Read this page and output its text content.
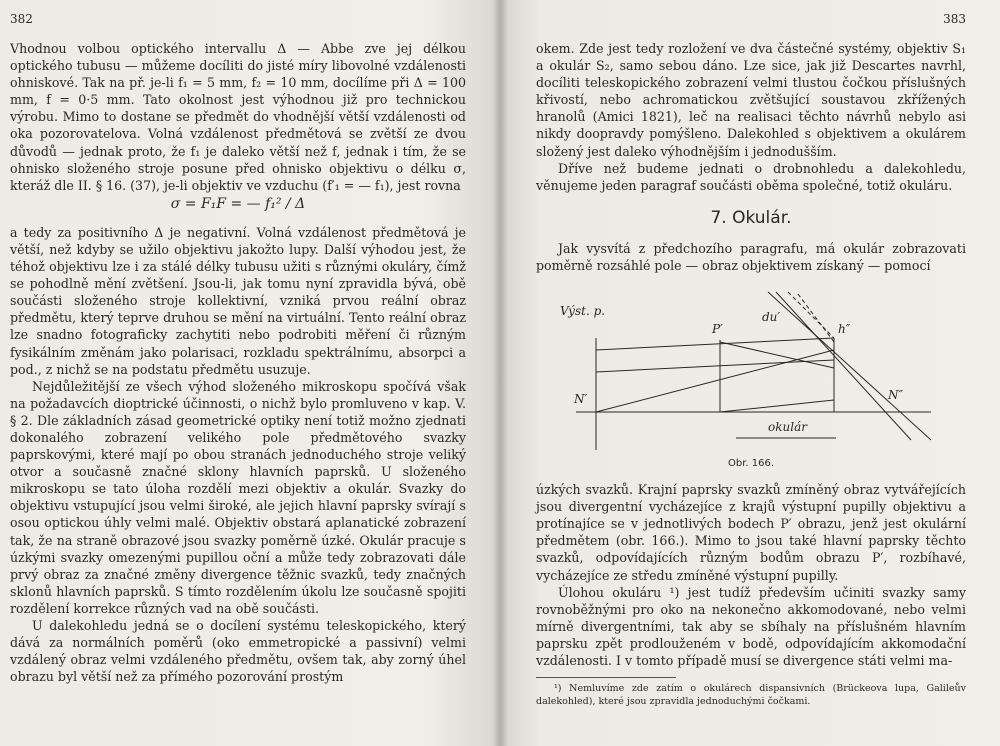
382

Vhodnou volbou optického intervallu Δ — Abbe zve jej délkou optického tubusu — můžeme docíliti do jisté míry libovolné vzdálenosti ohniskové. Tak na př. je-li f₁ = 5 mm, f₂ = 10 mm, docílíme při Δ = 100 mm, f = 0·5 mm. Tato okolnost jest výhodnou již pro technickou výrobu. Mimo to dostane se předmět do vhodnější větší vzdálenosti od oka pozorovatelova. Volná vzdálenost předmětová se zvětší ze dvou důvodů — jednak proto, že f₁ je daleko větší než f, jednak i tím, že se ohnisko složeného stroje posune před ohnisko objektivu o délku σ, kteráž dle II. § 16. (37), je-li objektiv ve vzduchu (f′₁ = — f₁), jest rovna

σ = F₁F = — f₁² / Δ

a tedy za positivního Δ je negativní. Volná vzdálenost předmětová je větší, než kdyby se užilo objektivu jakožto lupy. Další výhodou jest, že téhož objektivu lze i za stálé délky tubusu užiti s různými okuláry, čímž se pohodlně mění zvětšení. Jsou-li, jak tomu nyní zpravidla bývá, obě součásti složeného stroje kollektivní, vzniká prvou reální obraz předmětu, který teprve druhou se mění na virtuální. Tento reální obraz lze snadno fotograficky zachytiti nebo podrobiti měření či různým fysikálním změnám jako polarisaci, rozkladu spektrálnímu, absorpci a pod., z nichž se na podstatu předmětu usuzuje.

Nejdůležitější ze všech výhod složeného mikroskopu spočívá však na požadavcích dioptrické účinnosti, o nichž bylo promluveno v kap. V. § 2. Dle základních zásad geometrické optiky není totiž možno zjednati dokonalého zobrazení velikého pole předmětového svazky paprskovými, které mají po obou stranách jednoduchého stroje veliký otvor a současně značné sklony hlavních paprsků. U složeného mikroskopu se tato úloha rozdělí mezi objektiv a okulár. Svazky do objektivu vstupující jsou velmi široké, ale jejich hlavní paprsky svírají s osou optickou úhly velmi malé. Objektiv obstará aplanatické zobrazení tak, že na straně obrazové jsou svazky poměrně úzké. Okulár pracuje s úzkými svazky omezenými pupillou oční a může tedy zobrazovati dále prvý obraz za značné změny divergence těžnic svazků, tedy značných sklonů hlavních paprsků. S tímto rozdělením úkolu lze současně spojiti rozdělení korrekce různých vad na obě součásti.

U dalekohledu jedná se o docílení systému teleskopického, který dává za normálních poměrů (oko emmetropické a passivní) velmi vzdálený obraz velmi vzdáleného předmětu, ovšem tak, aby zorný úhel obrazu byl větší než za přímého pozorování prostým

383

okem. Zde jest tedy rozložení ve dva částečné systémy, objektiv S₁ a okulár S₂, samo sebou dáno. Lze sice, jak již Descartes navrhl, docíliti teleskopického zobrazení velmi tlustou čočkou příslušných křivostí, nebo achromatickou zvětšující soustavou zkřížených hranolů (Amici 1821), leč na realisaci těchto návrhů nebylo asi nikdy doopravdy pomýšleno. Dalekohled s objektivem a okulárem složený jest daleko výhodnějším i jednodušším.

Dříve než budeme jednati o drobnohledu a dalekohledu, věnujeme jeden paragraf součásti oběma společné, totiž okuláru.

7. Okulár.

Jak vysvítá z předchozího paragrafu, má okulár zobrazovati poměrně rozsáhlé pole — obraz objektivem získaný — pomocí

Výst. p.
P′
du′
h″
N′	N″
okulár
Obr. 166.

úzkých svazků. Krajní paprsky svazků zmíněný obraz vytvářejících jsou divergentní vycházejíce z krajů výstupní pupilly objektivu a protínajíce se v jednotlivých bodech P′ obrazu, jenž jest okulární předmětem (obr. 166.). Mimo to jsou také hlavní paprsky těchto svazků, odpovídajících různým bodům obrazu P′, rozbíhavé, vycházejíce ze středu zmíněné výstupní pupilly.

Úlohou okuláru ¹) jest tudíž především učiniti svazky samy rovnoběžnými pro oko na nekonečno akkomodované, nebo velmi mírně divergentními, tak aby se sbíhaly na příslušném hlavním paprsku zpět prodlouženém v bodě, odpovídajícím akkomodační vzdálenosti. I v tomto případě musí se divergence státi velmi ma-

¹) Nemluvíme zde zatím o okulárech dispansivních (Brückeova lupa, Galileův dalekohled), které jsou zpravidla jednoduchými čočkami.
